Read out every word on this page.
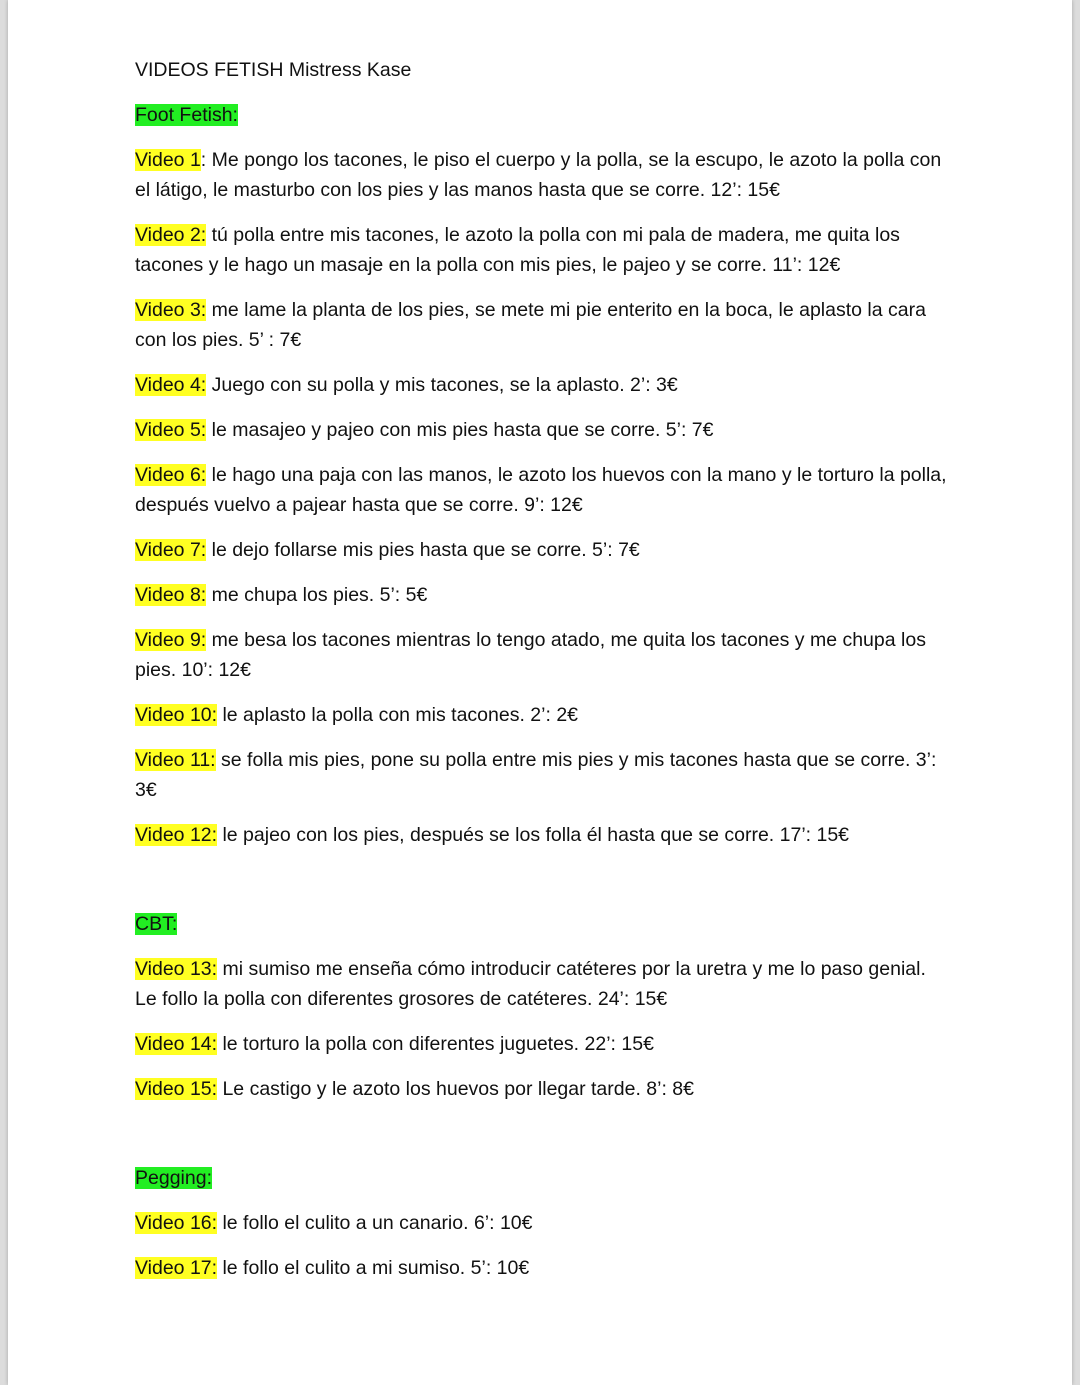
VIDEOS FETISH Mistress Kase
Foot Fetish:
Video 1: Me pongo los tacones, le piso el cuerpo y la polla, se la escupo, le azoto la polla con el látigo, le masturbo con los pies y las manos hasta que se corre. 12’: 15€
Video 2: tú polla entre mis tacones, le azoto la polla con mi pala de madera, me quita los tacones y le hago un masaje en la polla con mis pies, le pajeo y se corre. 11’: 12€
Video 3: me lame la planta de los pies, se mete mi pie enterito en la boca, le aplasto la cara con los pies. 5’ : 7€
Video 4: Juego con su polla y mis tacones, se la aplasto. 2’: 3€
Video 5: le masajeo y pajeo con mis pies hasta que se corre. 5’: 7€
Video 6: le hago una paja con las manos, le azoto los huevos con la mano y le torturo la polla, después vuelvo a pajear hasta que se corre. 9’: 12€
Video 7: le dejo follarse mis pies hasta que se corre. 5’: 7€
Video 8: me chupa los pies. 5’: 5€
Video 9: me besa los tacones mientras lo tengo atado, me quita los tacones y me chupa los pies. 10’: 12€
Video 10: le aplasto la polla con mis tacones. 2’: 2€
Video 11: se folla mis pies, pone su polla entre mis pies y mis tacones hasta que se corre. 3’: 3€
Video 12: le pajeo con los pies, después se los folla él hasta que se corre. 17’: 15€
CBT:
Video 13: mi sumiso me enseña cómo introducir catéteres por la uretra y me lo paso genial. Le follo la polla con diferentes grosores de catéteres. 24’: 15€
Video 14: le torturo la polla con diferentes juguetes. 22’: 15€
Video 15: Le castigo y le azoto los huevos por llegar tarde. 8’: 8€
Pegging:
Video 16: le follo el culito a un canario. 6’: 10€
Video 17: le follo el culito a mi sumiso. 5’: 10€
